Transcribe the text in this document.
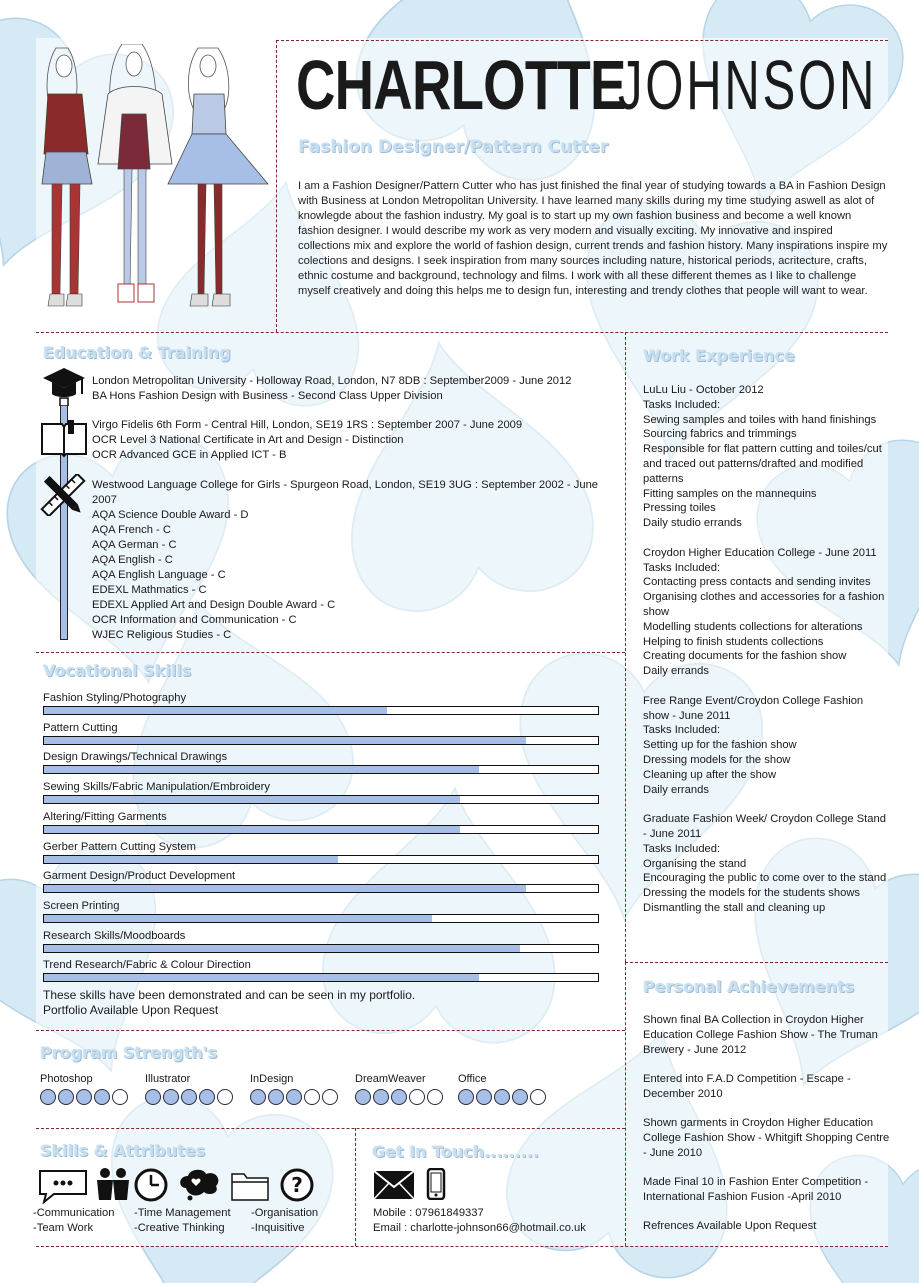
CHARLOTTE
JOHNSON
Fashion Designer/Pattern Cutter
I am a Fashion Designer/Pattern Cutter who has just finished the final year of studying towards a BA in Fashion Design with Business at London Metropolitan University. I have learned many skills during my time studying aswell as alot of knowlegde about the fashion industry. My goal is to start up my own fashion business and become a well known fashion designer. I would describe my work as very modern and visually exciting. My innovative and inspired collections mix and explore the world of fashion design, current trends and fashion history. Many inspirations inspire my colections and designs. I seek inspiration from many sources including nature, historical periods, acritecture, crafts, ethnic costume and background, technology and films. I work with all these different themes as I like to challenge myself creatively and doing this helps me to design fun, interesting and trendy clothes that people will want to wear.
Education & Training
London Metropolitan University - Holloway Road, London, N7 8DB : September2009 - June 2012
BA Hons Fashion Design with Business - Second Class Upper Division
Virgo Fidelis 6th Form - Central Hill, London, SE19 1RS : September 2007 - June 2009
OCR Level 3 National Certificate in Art and Design - Distinction
OCR Advanced GCE in Applied ICT - B
Westwood Language College for Girls - Spurgeon Road, London, SE19 3UG : September 2002 - June 2007
AQA Science Double Award - D
AQA French - C
AQA German - C
AQA English - C
AQA English Language - C
EDEXL Mathmatics - C
EDEXL Applied Art and Design Double Award - C
OCR Information and Communication - C
WJEC Religious Studies - C
Vocational Skills
Fashion Styling/Photography
Pattern Cutting
Design Drawings/Technical Drawings
Sewing Skills/Fabric Manipulation/Embroidery
Altering/Fitting Garments
Gerber Pattern Cutting System
Garment Design/Product Development
Screen Printing
Research Skills/Moodboards
Trend Research/Fabric & Colour Direction
These skills have been demonstrated and can be seen in my portfolio.
Portfolio Available Upon Request
Program Strength's
Photoshop	Illustrator	InDesign	DreamWeaver	Office
Skills & Attributes
?
-Communication
-Team Work
-Time Management
-Creative Thinking
-Organisation
-Inquisitive
Get In Touch.........
Mobile : 07961849337
Email : charlotte-johnson66@hotmail.co.uk
Work Experience
LuLu Liu - October 2012
Tasks Included:
Sewing samples and toiles with hand finishings
Sourcing fabrics and trimmings
Responsible for flat pattern cutting and toiles/cut and traced out patterns/drafted and modified patterns
Fitting samples on the mannequins
Pressing toiles
Daily studio errands
Croydon Higher Education College - June 2011
Tasks Included:
Contacting press contacts and sending invites
Organising clothes and accessories for a fashion show
Modelling students collections for alterations
Helping to finish students collections
Creating documents for the fashion show
Daily errands
Free Range Event/Croydon College Fashion show - June 2011
Tasks Included:
Setting up for the fashion show
Dressing models for the show
Cleaning up after the show
Daily errands
Graduate Fashion Week/ Croydon College Stand - June 2011
Tasks Included:
Organising the stand
Encouraging the public to come over to the stand
Dressing the models for the students shows
Dismantling the stall and cleaning up
Personal Achievements
Shown final BA Collection in Croydon Higher Education College Fashion Show - The Truman Brewery - June 2012
Entered into F.A.D Competition - Escape - December 2010
Shown garments in Croydon Higher Education College Fashion Show - Whitgift Shopping Centre - June 2010
Made Final 10 in Fashion Enter Competition - International Fashion Fusion -April 2010
Refrences Available Upon Request
